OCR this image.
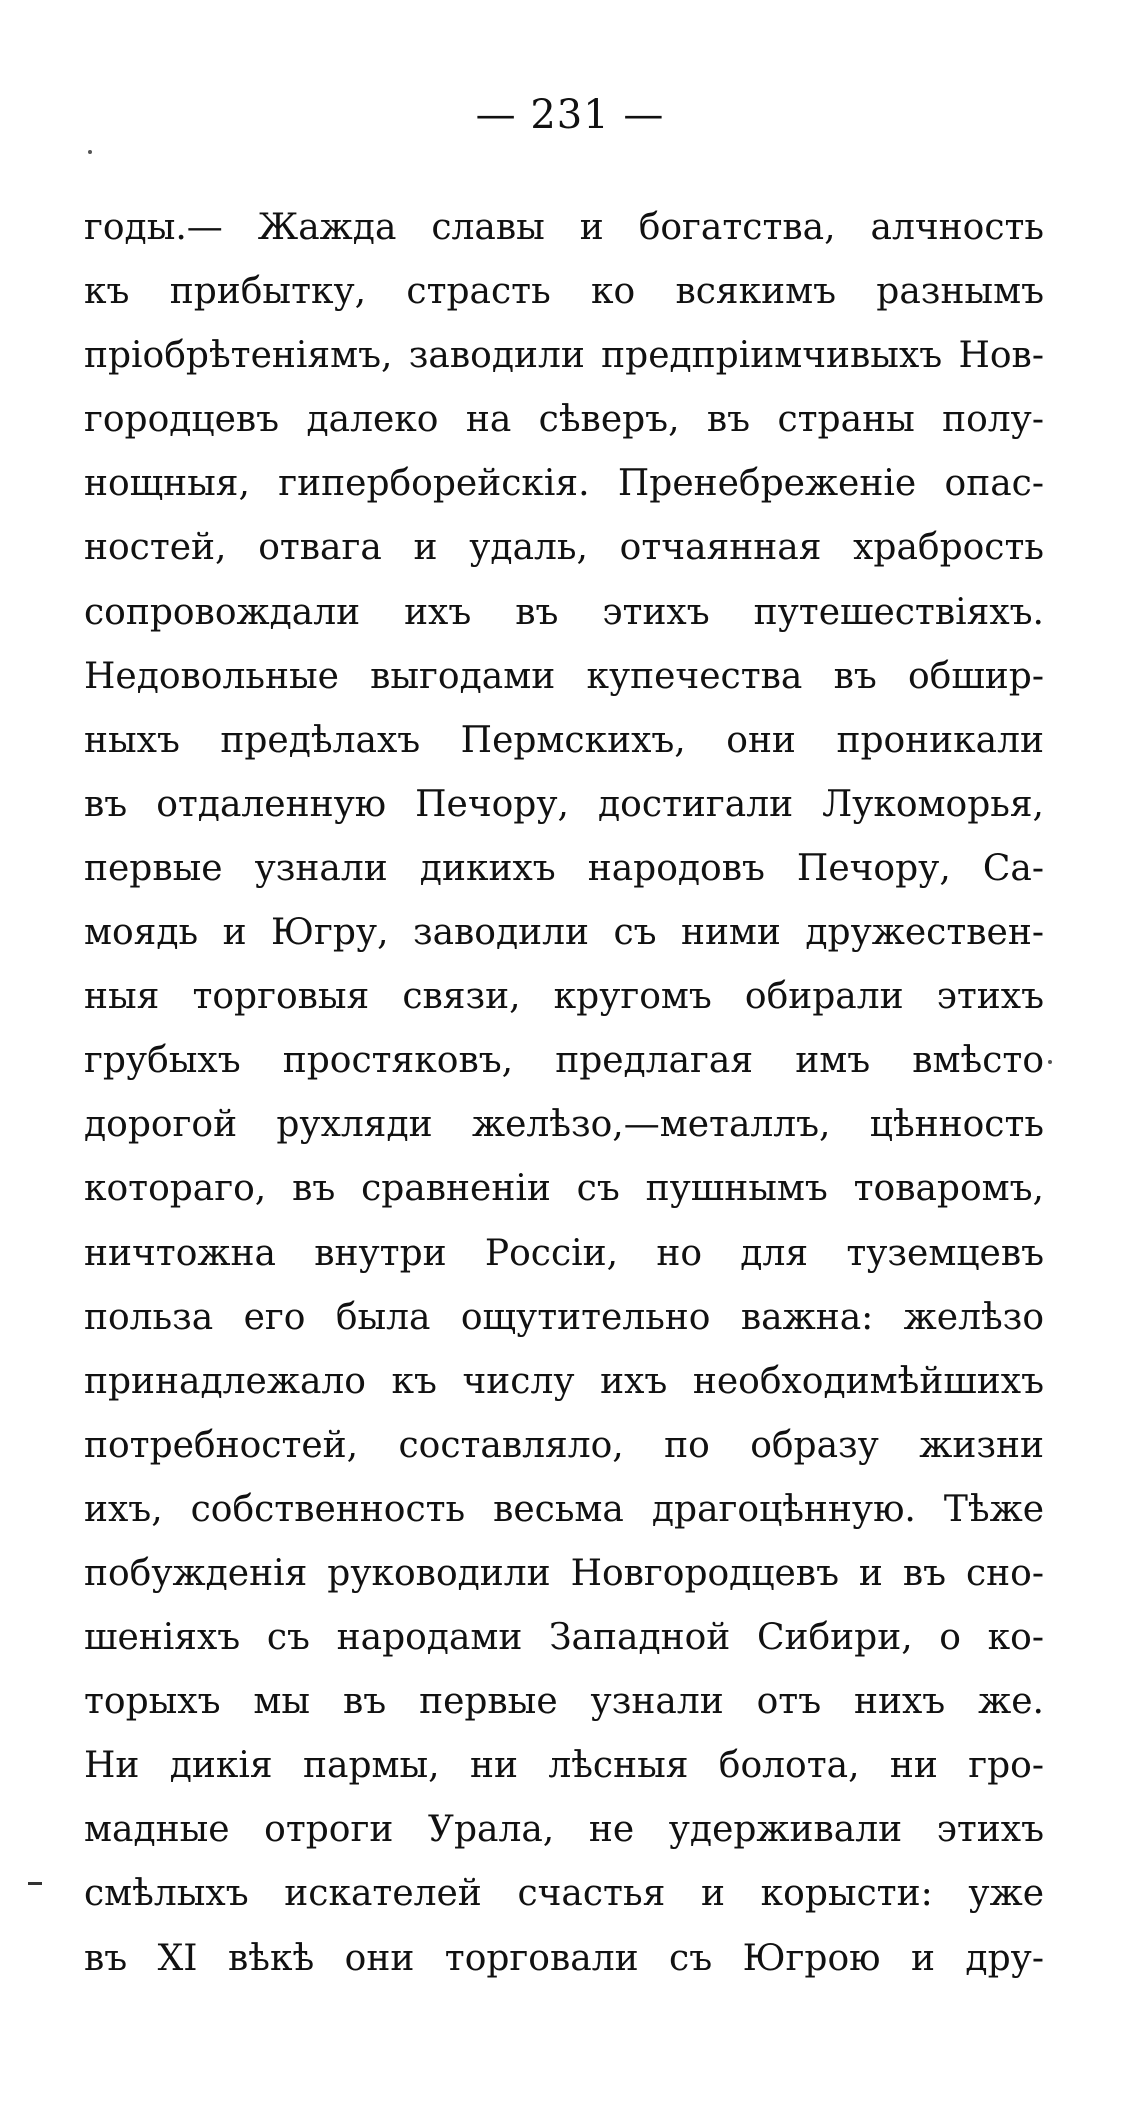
— 231 —
годы.— Жажда славы и богатства, алчность
къ прибытку, страсть ко всякимъ разнымъ
пріобрѣтеніямъ, заводили предпріимчивыхъ Нов-
городцевъ далеко на сѣверъ, въ страны полу-
нощныя, гиперборейскія. Пренебреженіе опас-
ностей, отвага и удаль, отчаянная храбрость
сопровождали ихъ въ этихъ путешествіяхъ.
Недовольные выгодами купечества въ обшир-
ныхъ предѣлахъ Пермскихъ, они проникали
въ отдаленную Печору, достигали Лукоморья,
первые узнали дикихъ народовъ Печору, Са-
моядь и Югру, заводили съ ними дружествен-
ныя торговыя связи, кругомъ обирали этихъ
грубыхъ простяковъ, предлагая имъ вмѣсто
дорогой рухляди желѣзо,—металлъ, цѣнность
котораго, въ сравненіи съ пушнымъ товаромъ,
ничтожна внутри Россіи, но для туземцевъ
польза его была ощутительно важна: желѣзо
принадлежало къ числу ихъ необходимѣйшихъ
потребностей, составляло, по образу жизни
ихъ, собственность весьма драгоцѣнную. Тѣже
побужденія руководили Новгородцевъ и въ сно-
шеніяхъ съ народами Западной Сибири, о ко-
торыхъ мы въ первые узнали отъ нихъ же.
Ни дикія пармы, ни лѣсныя болота, ни гро-
мадные отроги Урала, не удерживали этихъ
смѣлыхъ искателей счастья и корысти: уже
въ XI вѣкѣ они торговали съ Югрою и дру-
